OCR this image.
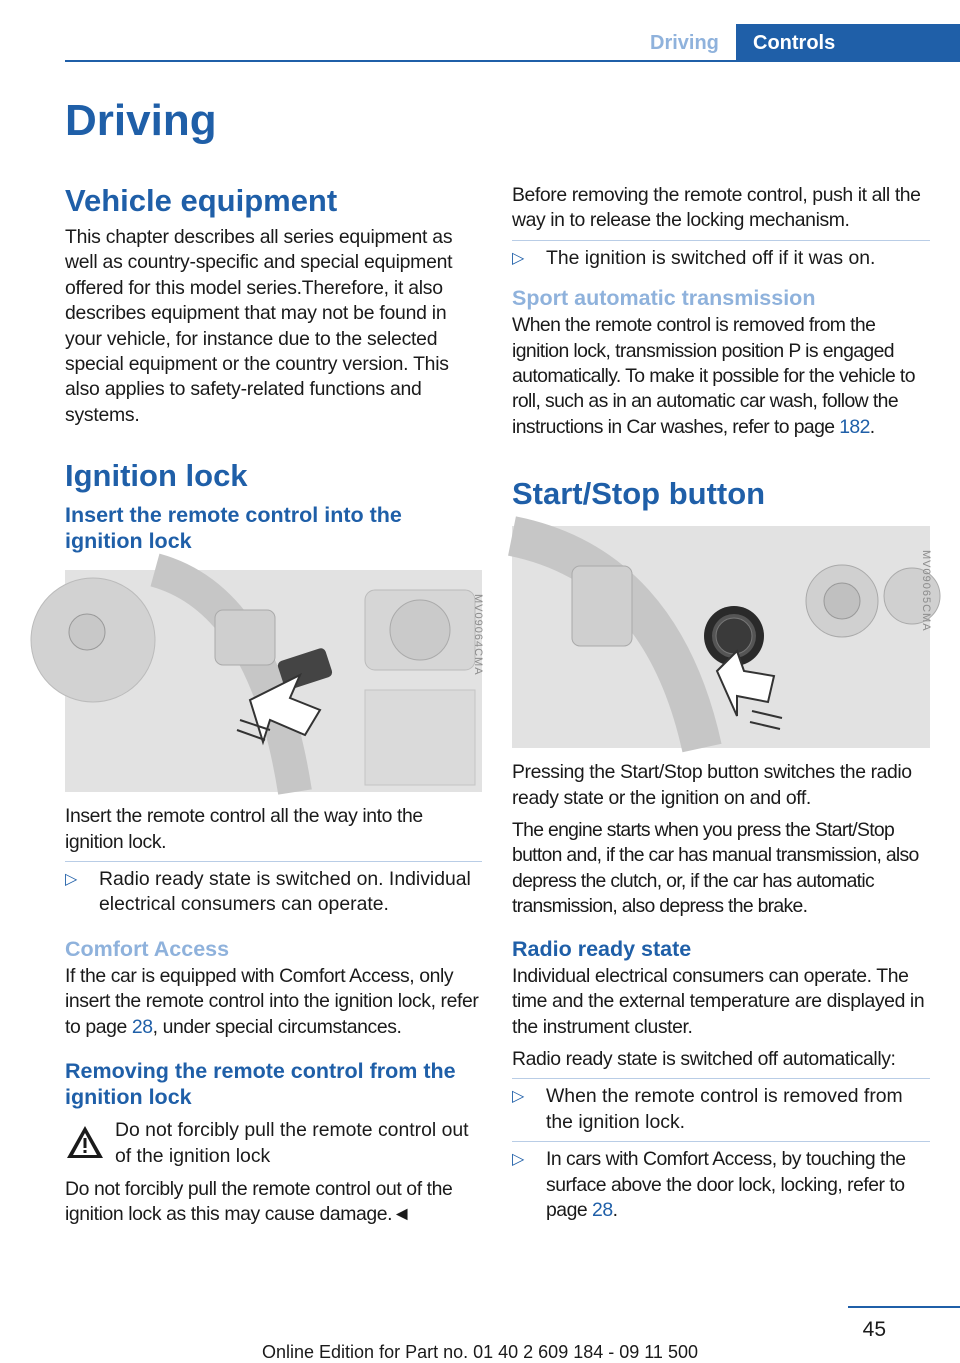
Driving	Controls
Driving
Vehicle equipment
This chapter describes all series equipment as well as country-specific and special equipment offered for this model series.Therefore, it also describes equipment that may not be found in your vehicle, for instance due to the selected special equipment or the country version. This also applies to safety-related functions and systems.
Ignition lock
Insert the remote control into the ignition lock
MV09064CMA
Insert the remote control all the way into the ignition lock.
▷ Radio ready state is switched on. Individual electrical consumers can operate.
Comfort Access
If the car is equipped with Comfort Access, only insert the remote control into the ignition lock, refer to page 28, under special circumstances.
Removing the remote control from the ignition lock
Do not forcibly pull the remote control out of the ignition lock
Do not forcibly pull the remote control out of the ignition lock as this may cause damage.◄
Before removing the remote control, push it all the way in to release the locking mechanism.
▷ The ignition is switched off if it was on.
Sport automatic transmission
When the remote control is removed from the ignition lock, transmission position P is engaged automatically. To make it possible for the vehicle to roll, such as in an automatic car wash, follow the instructions in Car washes, refer to page 182.
Start/Stop button
MV09065CMA
Pressing the Start/Stop button switches the radio ready state or the ignition on and off.
The engine starts when you press the Start/Stop button and, if the car has manual transmission, also depress the clutch, or, if the car has automatic transmission, also depress the brake.
Radio ready state
Individual electrical consumers can operate. The time and the external temperature are displayed in the instrument cluster.
Radio ready state is switched off automatically:
▷ When the remote control is removed from the ignition lock.
▷ In cars with Comfort Access, by touching the surface above the door lock, locking, refer to page 28.
45
Online Edition for Part no. 01 40 2 609 184 - 09 11 500
